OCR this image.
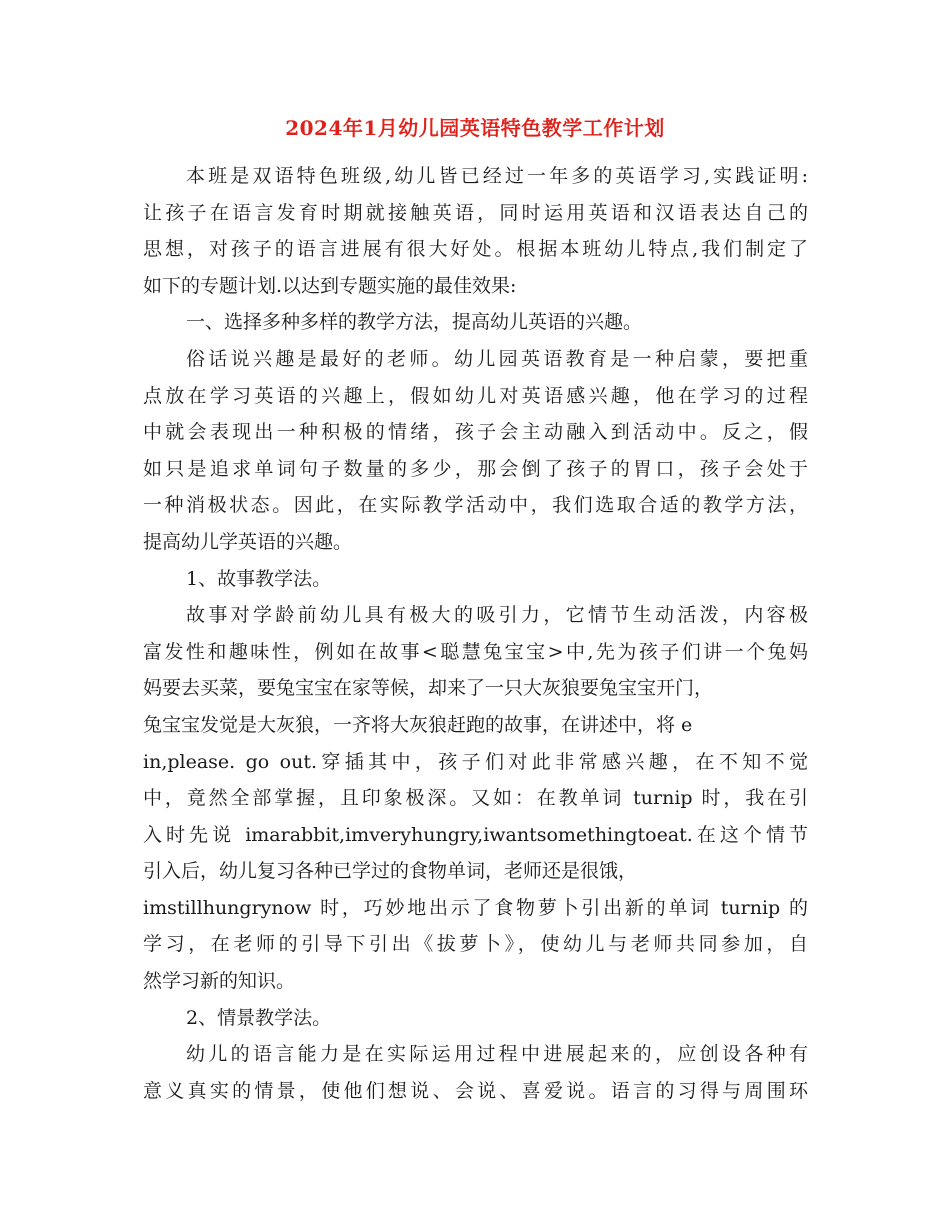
2024年1月幼儿园英语特色教学工作计划
本班是双语特色班级,幼儿皆已经过一年多的英语学习,实践证明:
让孩子在语言发育时期就接触英语，同时运用英语和汉语表达自己的
思想，对孩子的语言进展有很大好处。根据本班幼儿特点,我们制定了
如下的专题计划.以达到专题实施的最佳效果:
一、选择多种多样的教学方法，提高幼儿英语的兴趣。
俗话说兴趣是最好的老师。幼儿园英语教育是一种启蒙，要把重
点放在学习英语的兴趣上，假如幼儿对英语感兴趣，他在学习的过程
中就会表现出一种积极的情绪，孩子会主动融入到活动中。反之，假
如只是追求单词句子数量的多少，那会倒了孩子的胃口，孩子会处于
一种消极状态。因此，在实际教学活动中，我们选取合适的教学方法，
提高幼儿学英语的兴趣。
1、故事教学法。
故事对学龄前幼儿具有极大的吸引力，它情节生动活泼，内容极
富发性和趣味性，例如在故事<聪慧兔宝宝>中,先为孩子们讲一个兔妈
妈要去买菜，要兔宝宝在家等候，却来了一只大灰狼要兔宝宝开门，
兔宝宝发觉是大灰狼，一齐将大灰狼赶跑的故事，在讲述中，将 e
in,please. go out.穿插其中，孩子们对此非常感兴趣，在不知不觉
中，竟然全部掌握，且印象极深。又如：在教单词 turnip 时，我在引
入时先说 imarabbit,imveryhungry,iwantsomethingtoeat.在这个情节
引入后，幼儿复习各种已学过的食物单词，老师还是很饿，
imstillhungrynow 时，巧妙地出示了食物萝卜引出新的单词 turnip 的
学习，在老师的引导下引出《拔萝卜》，使幼儿与老师共同参加，自
然学习新的知识。
2、情景教学法。
幼儿的语言能力是在实际运用过程中进展起来的，应创设各种有
意义真实的情景，使他们想说、会说、喜爱说。语言的习得与周围环
